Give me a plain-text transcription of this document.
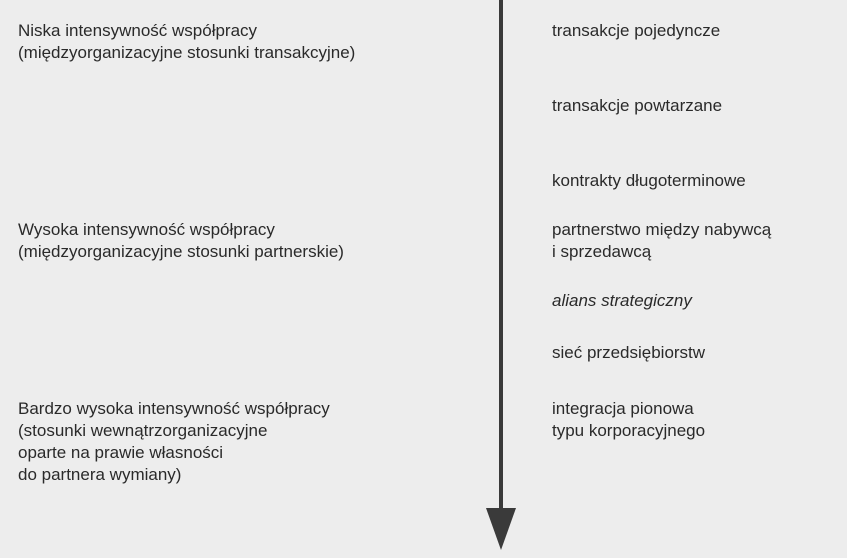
Niska intensywność współpracy

(międzyorganizacyjne stosunki transakcyjne)

Wysoka intensywność współpracy

(międzyorganizacyjne stosunki partnerskie)

Bardzo wysoka intensywność współpracy

(stosunki wewnątrzorganizacyjne

oparte na prawie własności

do partnera wymiany)

transakcje pojedyncze

transakcje powtarzane

kontrakty długoterminowe

partnerstwo między nabywcą

i sprzedawcą

alians strategiczny

sieć przedsiębiorstw

integracja pionowa

typu korporacyjnego
